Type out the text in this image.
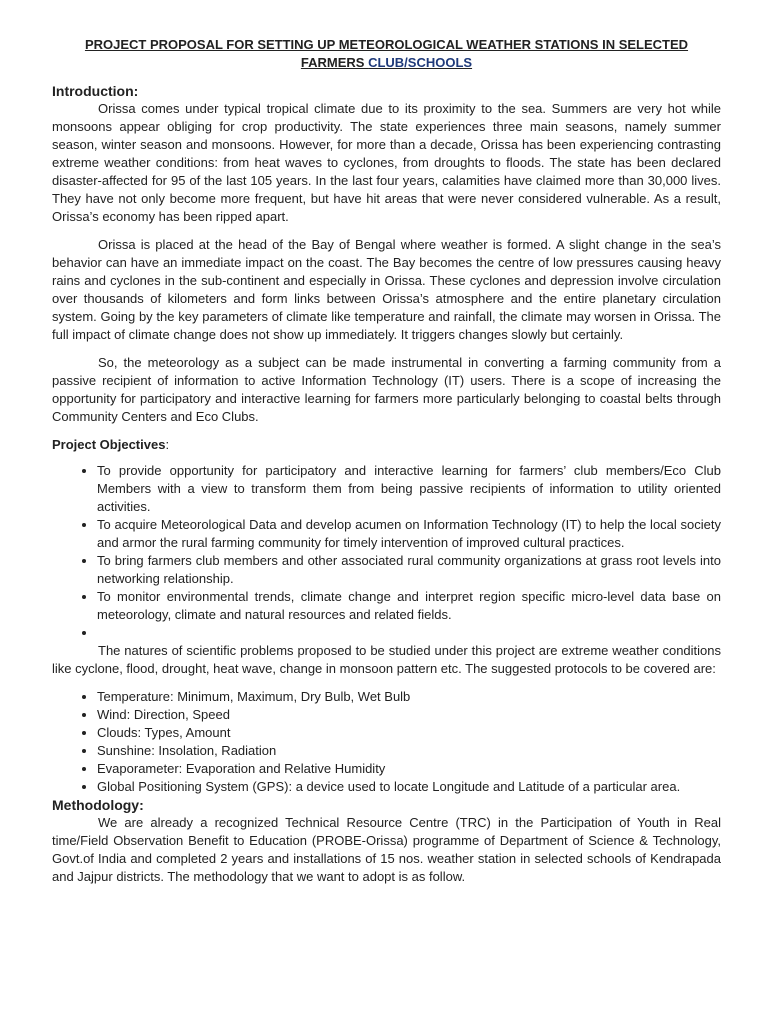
PROJECT PROPOSAL FOR SETTING UP METEOROLOGICAL WEATHER STATIONS IN SELECTED FARMERS CLUB/SCHOOLS
Introduction:

Orissa comes under typical tropical climate due to its proximity to the sea. Summers are very hot while monsoons appear obliging for crop productivity. The state experiences three main seasons, namely summer season, winter season and monsoons. However, for more than a decade, Orissa has been experiencing contrasting extreme weather conditions: from heat waves to cyclones, from droughts to floods. The state has been declared disaster-affected for 95 of the last 105 years. In the last four years, calamities have claimed more than 30,000 lives. They have not only become more frequent, but have hit areas that were never considered vulnerable. As a result, Orissa’s economy has been ripped apart.

Orissa is placed at the head of the Bay of Bengal where weather is formed. A slight change in the sea’s behavior can have an immediate impact on the coast. The Bay becomes the centre of low pressures causing heavy rains and cyclones in the sub-continent and especially in Orissa. These cyclones and depression involve circulation over thousands of kilometers and form links between Orissa’s atmosphere and the entire planetary circulation system. Going by the key parameters of climate like temperature and rainfall, the climate may worsen in Orissa. The full impact of climate change does not show up immediately. It triggers changes slowly but certainly.

So, the meteorology as a subject can be made instrumental in converting a farming community from a passive recipient of information to active Information Technology (IT) users. There is a scope of increasing the opportunity for participatory and interactive learning for farmers more particularly belonging to coastal belts through Community Centers and Eco Clubs.

Project Objectives:
• To provide opportunity for participatory and interactive learning for farmers’ club members/Eco Club Members with a view to transform them from being passive recipients of information to utility oriented activities.
• To acquire Meteorological Data and develop acumen on Information Technology (IT) to help the local society and armor the rural farming community for timely intervention of improved cultural practices.
• To bring farmers club members and other associated rural community organizations at grass root levels into networking relationship.
• To monitor environmental trends, climate change and interpret region specific micro-level data base on meteorology, climate and natural resources and related fields.
•

The natures of scientific problems proposed to be studied under this project are extreme weather conditions like cyclone, flood, drought, heat wave, change in monsoon pattern etc. The suggested protocols to be covered are:

• Temperature: Minimum, Maximum, Dry Bulb, Wet Bulb
• Wind: Direction, Speed
• Clouds: Types, Amount
• Sunshine: Insolation, Radiation
• Evaporameter: Evaporation and Relative Humidity
• Global Positioning System (GPS): a device used to locate Longitude and Latitude of a particular area.
Methodology:

We are already a recognized Technical Resource Centre (TRC) in the Participation of Youth in Real time/Field Observation Benefit to Education (PROBE-Orissa) programme of Department of Science & Technology, Govt.of India and completed 2 years and installations of 15 nos. weather station in selected schools of Kendrapada and Jajpur districts. The methodology that we want to adopt is as follow.
